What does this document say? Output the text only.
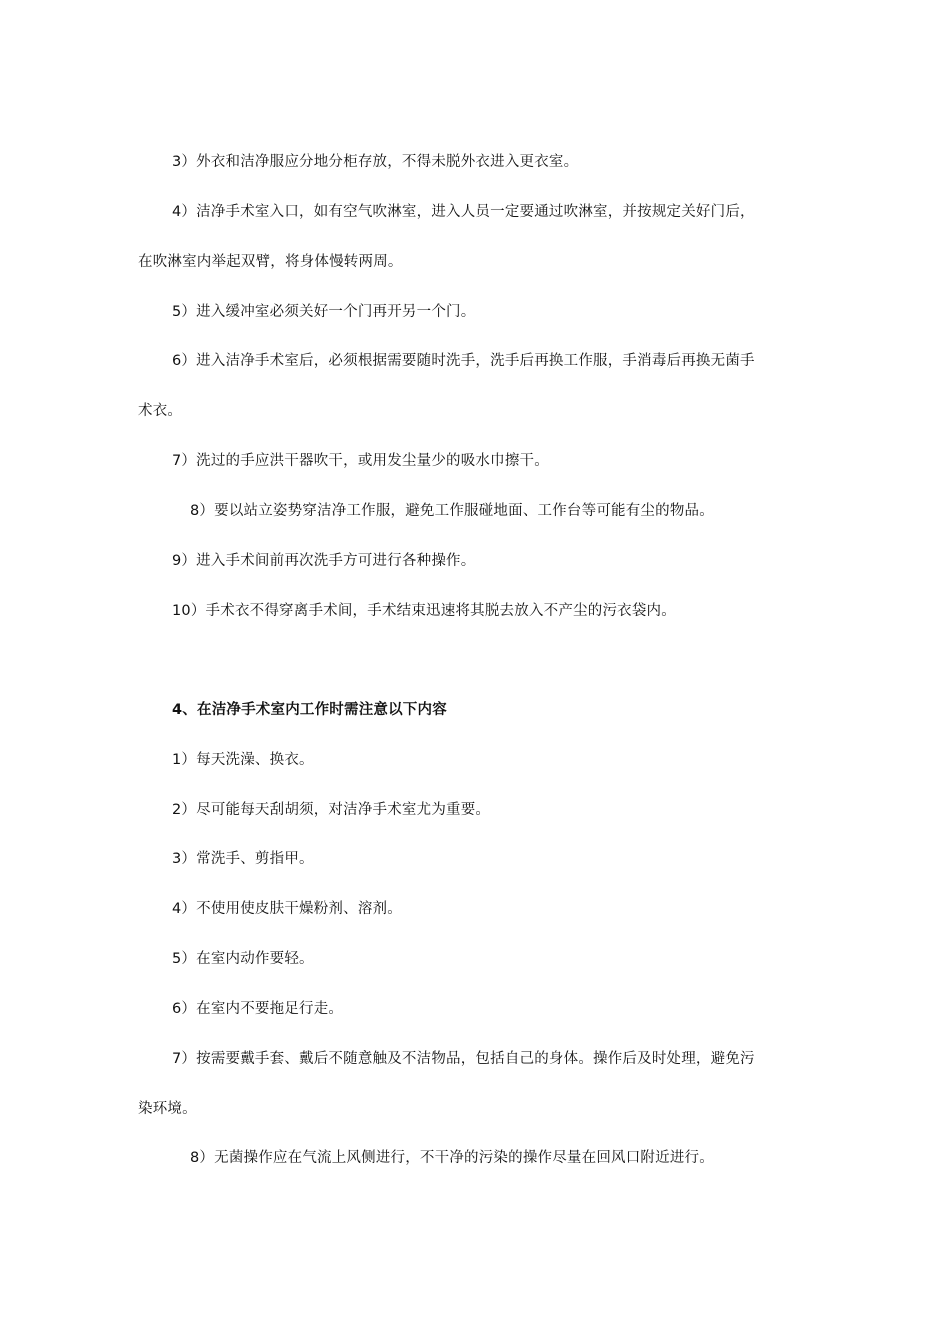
3）外衣和洁净服应分地分柜存放，不得未脱外衣进入更衣室。
4）洁净手术室入口，如有空气吹淋室，进入人员一定要通过吹淋室，并按规定关好门后，
在吹淋室内举起双臂，将身体慢转两周。
5）进入缓冲室必须关好一个门再开另一个门。
6）进入洁净手术室后，必须根据需要随时洗手，洗手后再换工作服，手消毒后再换无菌手
术衣。
7）洗过的手应洪干器吹干，或用发尘量少的吸水巾擦干。
8）要以站立姿势穿洁净工作服，避免工作服碰地面、工作台等可能有尘的物品。
9）进入手术间前再次洗手方可进行各种操作。
10）手术衣不得穿离手术间，手术结束迅速将其脱去放入不产尘的污衣袋内。
4、在洁净手术室内工作时需注意以下内容
1）每天洗澡、换衣。
2）尽可能每天刮胡须，对洁净手术室尤为重要。
3）常洗手、剪指甲。
4）不使用使皮肤干燥粉剂、溶剂。
5）在室内动作要轻。
6）在室内不要拖足行走。
7）按需要戴手套、戴后不随意触及不洁物品，包括自己的身体。操作后及时处理，避免污
染环境。
8）无菌操作应在气流上风侧进行，不干净的污染的操作尽量在回风口附近进行。
